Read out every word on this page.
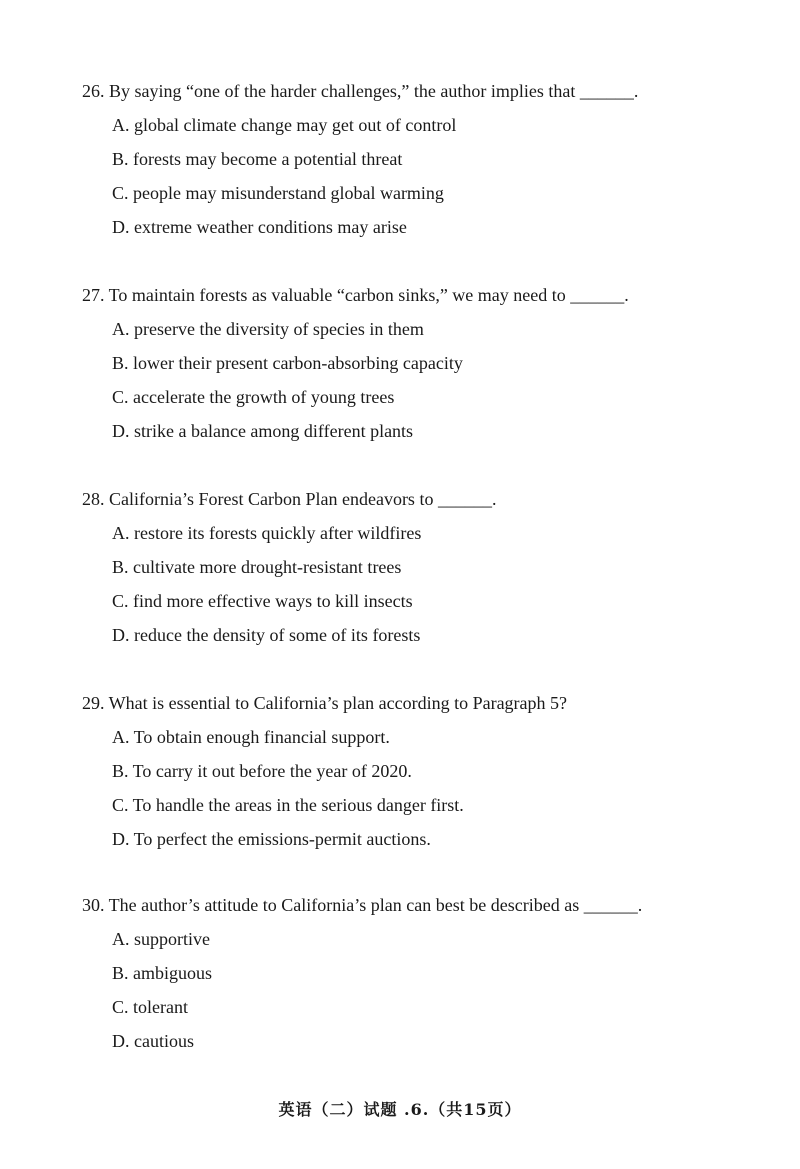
26. By saying “one of the harder challenges,” the author implies that ______.
A. global climate change may get out of control
B. forests may become a potential threat
C. people may misunderstand global warming
D. extreme weather conditions may arise
27. To maintain forests as valuable “carbon sinks,” we may need to ______.
A. preserve the diversity of species in them
B. lower their present carbon-absorbing capacity
C. accelerate the growth of young trees
D. strike a balance among different plants
28. California’s Forest Carbon Plan endeavors to ______.
A. restore its forests quickly after wildfires
B. cultivate more drought-resistant trees
C. find more effective ways to kill insects
D. reduce the density of some of its forests
29. What is essential to California’s plan according to Paragraph 5?
A. To obtain enough financial support.
B. To carry it out before the year of 2020.
C. To handle the areas in the serious danger first.
D. To perfect the emissions-permit auctions.
30. The author’s attitude to California’s plan can best be described as ______.
A. supportive
B. ambiguous
C. tolerant
D. cautious
英语（二）试题 .6.（共15页）
